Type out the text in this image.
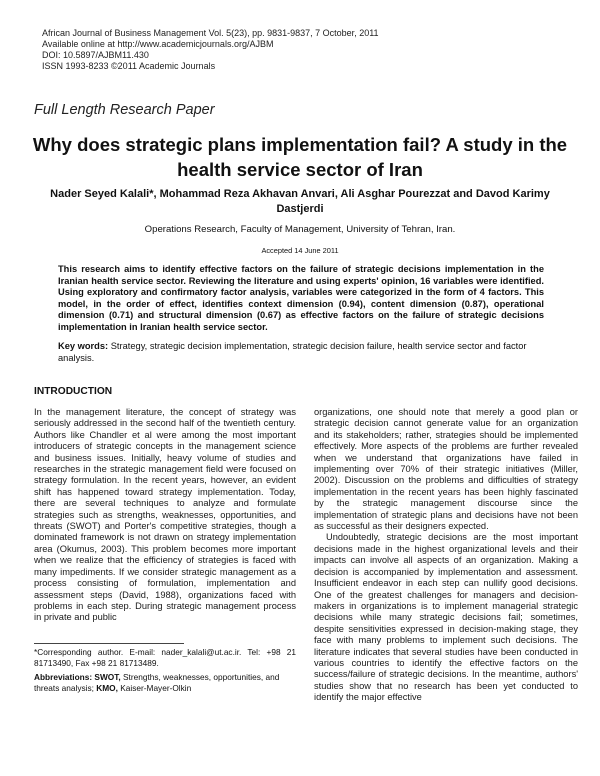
African Journal of Business Management Vol. 5(23), pp. 9831-9837, 7 October, 2011
Available online at http://www.academicjournals.org/AJBM
DOI: 10.5897/AJBM11.430
ISSN 1993-8233 ©2011 Academic Journals
Full Length Research Paper
Why does strategic plans implementation fail? A study in the health service sector of Iran
Nader Seyed Kalali*, Mohammad Reza Akhavan Anvari, Ali Asghar Pourezzat and Davod Karimy Dastjerdi
Operations Research, Faculty of Management, University of Tehran, Iran.
Accepted 14 June 2011
This research aims to identify effective factors on the failure of strategic decisions implementation in the Iranian health service sector. Reviewing the literature and using experts' opinion, 16 variables were identified. Using exploratory and confirmatory factor analysis, variables were categorized in the form of 4 factors. This model, in the order of effect, identifies context dimension (0.94), content dimension (0.87), operational dimension (0.71) and structural dimension (0.67) as effective factors on the failure of strategic decisions implementation in Iranian health service sector.
Key words: Strategy, strategic decision implementation, strategic decision failure, health service sector and factor analysis.
INTRODUCTION

In the management literature, the concept of strategy was seriously addressed in the second half of the twentieth century. Authors like Chandler et al were among the most important introducers of strategic concepts in the management science and business issues. Initially, heavy volume of studies and researches in the strategic management field were focused on strategy formulation. In the recent years, however, an evident shift has happened toward strategy implementation. Today, there are several techniques to analyze and formulate strategies such as strengths, weaknesses, opportunities, and threats (SWOT) and Porter's competitive strategies, though a dominated framework is not drawn on strategy implementation area (Okumus, 2003). This problem becomes more important when we realize that the efficiency of strategies is faced with many impediments. If we consider strategic management as a process consisting of formulation, implementation and assessment steps (David, 1988), organizations faced with problems in each step. During strategic management process in private and public

organizations, one should note that merely a good plan or strategic decision cannot generate value for an organization and its stakeholders; rather, strategies should be implemented effectively. More aspects of the problems are further revealed when we understand that organizations have failed in implementing over 70% of their strategic initiatives (Miller, 2002). Discussion on the problems and difficulties of strategy implementation in the recent years has been highly fascinated by the strategic management discourse since the implementation of strategic plans and decisions have not been as successful as their designers expected.

Undoubtedly, strategic decisions are the most important decisions made in the highest organizational levels and their impacts can involve all aspects of an organization. Making a decision is accompanied by implementation and assessment. Insufficient endeavor in each step can nullify good decisions. One of the greatest challenges for managers and decision-makers in organizations is to implement managerial strategic decisions while many strategic decisions fail; sometimes, despite sensitivities expressed in decision-making stage, they face with many problems to implement such decisions. The literature indicates that several studies have been conducted in various countries to identify the effective factors on the success/failure of strategic decisions. In the meantime, authors' studies show that no research has been yet conducted to identify the major effective

*Corresponding author. E-mail: nader_kalali@ut.ac.ir. Tel: +98 21 81713490, Fax +98 21 81713489.
Abbreviations: SWOT, Strengths, weaknesses, opportunities, and threats analysis; KMO, Kaiser-Mayer-Olkin
